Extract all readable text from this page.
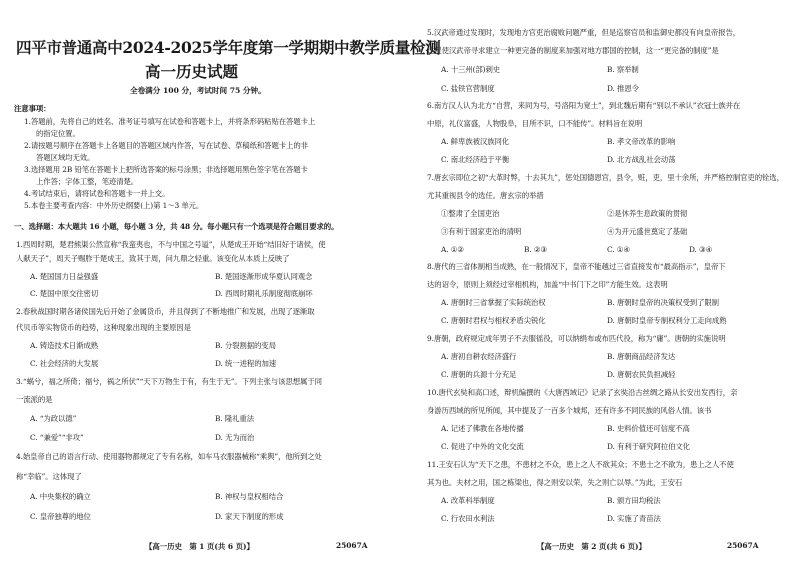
四平市普通高中2024-2025学年度第一学期期中教学质量检测
高一历史试题
全卷满分 100 分，考试时间 75 分钟。
注意事项：
1.答题前，先将自己的姓名、准考证号填写在试卷和答题卡上，并将条形码粘贴在答题卡上
的指定位置。
2.请按题号顺序在答题卡上各题目的答题区域内作答，写在试卷、草稿纸和答题卡上的非
答题区域均无效。
3.选择题用 2B 铅笔在答题卡上把所选答案的标号涂黑；非选择题用黑色签字笔在答题卡
上作答；字体工整，笔迹清楚。
4.考试结束后，请将试卷和答题卡一并上交。
5.本卷主要考查内容：中外历史纲要(上)第 1～3 单元。
一、选择题：本大题共 16 小题，每小题 3 分，共 48 分。每小题只有一个选项是符合题目要求的。
1.西周时期，楚君熊渠公然宣称“我蛮夷也，不与中国之号谥”，从楚成王开始“结旧好于诸侯，使
人献天子”，周天子赐胙于楚成王，致其于周，问九鼎之轻重。该变化从本质上反映了
A. 楚国国力日益强盛	B. 楚国逐渐形成华夏认同观念
C. 楚国中原交往密切	D. 西周时期礼乐制度彻底崩坏
2.春秋战国时期各诸侯国先后开始了金属货币，并且得到了不断地推广和发展，出现了逐渐取
代贝币等实物货币的趋势，这种现象出现的主要原因是
A. 铸造技术日渐成熟	B. 分裂割据的变局
C. 社会经济的大发展	D. 统一进程的加速
3.“蜗兮，福之所倚；福兮，祸之所伏”“天下万物生于有，有生于无”。下列主张与该思想属于同
一流派的是
A. “为政以德”	B. 隆礼重法
C. “兼爱”“非攻”	D. 无为而治
4.始皇帝自己的语言行动、使用器物都规定了专有名称，如车马衣服器械称“乘舆”，他所到之处
称“幸临”。这体现了
A. 中央集权的确立	B. 神权与皇权相结合
C. 皇帝独尊的地位	D. 家天下制度的形成
【高一历史　第 1 页(共 6 页)】	25067A
5.汉武帝通过发现时，发现地方官吏治腐败问题严重，但是巡察官员和监御史都没有向皇帝报告，
这促使汉武帝寻求建立一种更完备的制度来加强对地方郡国的控制，这一“更完备的制度”是
A. 十三州(部)刺史	B. 察举制
C. 盐铁官营制度	D. 推恩令
6.南方汉人认为北方“自营，来同为号，号洛阳为宽土”，到北魏后期有“别以不承认”衣冠士族并在
中原，礼仪富盛，人物股阜，目所不识，口不能传”。材料旨在说明
A. 鲜卑族被汉族同化	B. 孝文帝改革的影响
C. 南北经济趋于平衡	D. 北方战乱社会动荡
7.唐玄宗即位之初“大革时弊，十去其九”，惩处国德恩官，县令，赃，吏，里十余所，并严格控制官吏的铨选，
尤其重视县令的选任。唐玄宗的举措
①整肃了全国吏治	②是休养生息政策的贯彻
③有利于国家吏治的清明	④为开元盛世奠定了基础
A. ①②	B. ②③	C. ①④	D. ③④
8.唐代的三省体制相当成熟，在一般情况下，皇帝不能越过三省直接发布“最高指示”，皇帝下
达的诏令，原则上须经过宰相机构，加盖“中书门下之印”方能生效。这表明
A. 唐朝时三省掌握了实际统治权	B. 唐朝时皇帝的决策权受到了限制
C. 唐朝时君权与相权矛盾尖锐化	D. 唐朝时皇帝专制权利分工走向成熟
9.唐朝，政府规定成年男子不去服徭役，可以纳绢布或布匹代役，称为“庸”。唐朝的实施说明
A. 唐初自耕农经济盛行	B. 唐朝商品经济发达
C. 唐朝的兵源十分充足	D. 唐朝农民负担减轻
10.唐代玄奘和高口述，辩机编撰的《大唐西域记》记录了玄奘沿古丝绸之路从长安出发西行，亲
身游历西域的所见所闻，其中提及了一百多个城邦，还有许多不同民族的风俗人情。该书
A. 记述了佛教在各地传播	B. 史料价值还可信度不高
C. 促进了中外的文化交流	D. 有利于研究阿拉伯文化
11.王安石认为“天下之患，不患材之不众，患上之人不欲其众；不患士之不欲为，患上之人不使
其为也。夫材之用，国之栋梁也，得之则安以荣，失之则亡以辱。”为此，王安石
A. 改革科举制度	B. 颁方田均税法
C. 行农田水利法	D. 实施了青苗法
【高一历史　第 2 页(共 6 页)】	25067A
